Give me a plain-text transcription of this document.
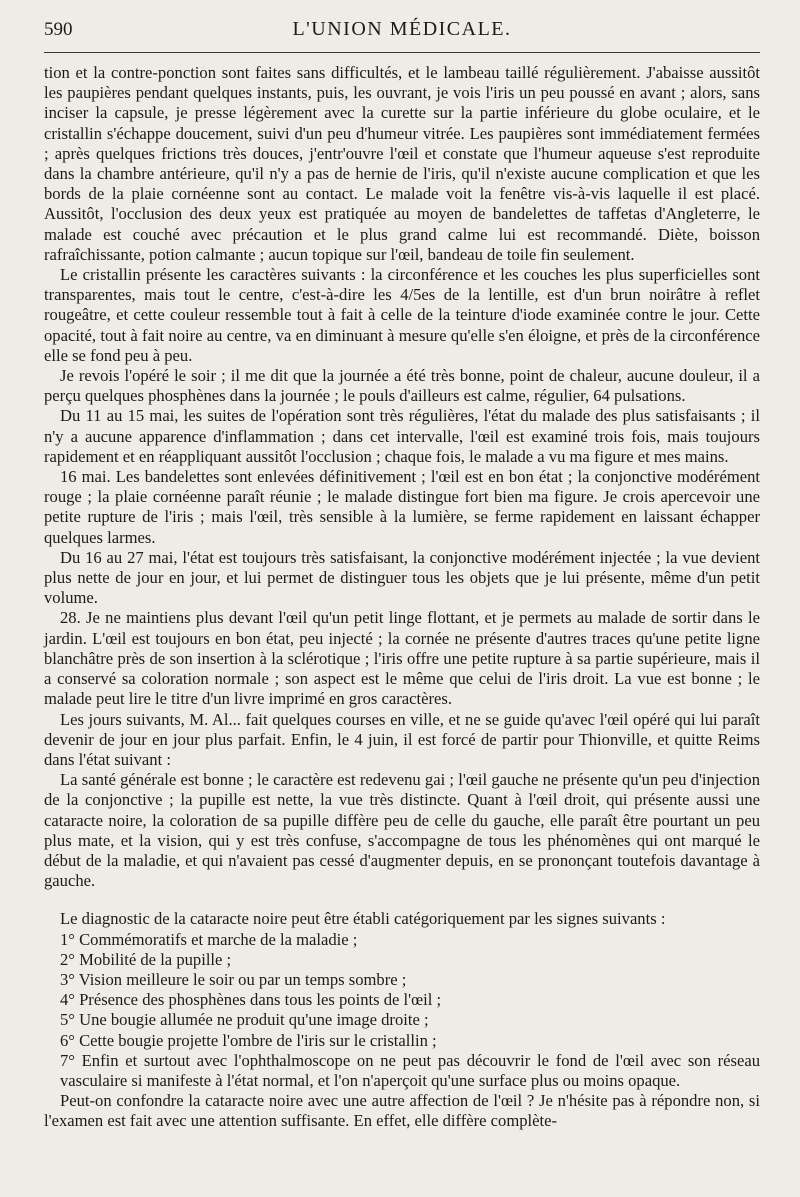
590	L'UNION MÉDICALE.

tion et la contre-ponction sont faites sans difficultés, et le lambeau taillé régulièrement. J'abaisse aussitôt les paupières pendant quelques instants, puis, les ouvrant, je vois l'iris un peu poussé en avant ; alors, sans inciser la capsule, je presse légèrement avec la curette sur la partie inférieure du globe oculaire, et le cristallin s'échappe doucement, suivi d'un peu d'humeur vitrée. Les paupières sont immédiatement fermées ; après quelques frictions très douces, j'entr'ouvre l'œil et constate que l'humeur aqueuse s'est reproduite dans la chambre antérieure, qu'il n'y a pas de hernie de l'iris, qu'il n'existe aucune complication et que les bords de la plaie cornéenne sont au contact. Le malade voit la fenêtre vis-à-vis laquelle il est placé. Aussitôt, l'occlusion des deux yeux est pratiquée au moyen de bandelettes de taffetas d'Angleterre, le malade est couché avec précaution et le plus grand calme lui est recommandé. Diète, boisson rafraîchissante, potion calmante ; aucun topique sur l'œil, bandeau de toile fin seulement.

Le cristallin présente les caractères suivants : la circonférence et les couches les plus superficielles sont transparentes, mais tout le centre, c'est-à-dire les 4/5es de la lentille, est d'un brun noirâtre à reflet rougeâtre, et cette couleur ressemble tout à fait à celle de la teinture d'iode examinée contre le jour. Cette opacité, tout à fait noire au centre, va en diminuant à mesure qu'elle s'en éloigne, et près de la circonférence elle se fond peu à peu.

Je revois l'opéré le soir ; il me dit que la journée a été très bonne, point de chaleur, aucune douleur, il a perçu quelques phosphènes dans la journée ; le pouls d'ailleurs est calme, régulier, 64 pulsations.

Du 11 au 15 mai, les suites de l'opération sont très régulières, l'état du malade des plus satisfaisants ; il n'y a aucune apparence d'inflammation ; dans cet intervalle, l'œil est examiné trois fois, mais toujours rapidement et en réappliquant aussitôt l'occlusion ; chaque fois, le malade a vu ma figure et mes mains.

16 mai. Les bandelettes sont enlevées définitivement ; l'œil est en bon état ; la conjonctive modérément rouge ; la plaie cornéenne paraît réunie ; le malade distingue fort bien ma figure. Je crois apercevoir une petite rupture de l'iris ; mais l'œil, très sensible à la lumière, se ferme rapidement en laissant échapper quelques larmes.

Du 16 au 27 mai, l'état est toujours très satisfaisant, la conjonctive modérément injectée ; la vue devient plus nette de jour en jour, et lui permet de distinguer tous les objets que je lui présente, même d'un petit volume.

28. Je ne maintiens plus devant l'œil qu'un petit linge flottant, et je permets au malade de sortir dans le jardin. L'œil est toujours en bon état, peu injecté ; la cornée ne présente d'autres traces qu'une petite ligne blanchâtre près de son insertion à la sclérotique ; l'iris offre une petite rupture à sa partie supérieure, mais il a conservé sa coloration normale ; son aspect est le même que celui de l'iris droit. La vue est bonne ; le malade peut lire le titre d'un livre imprimé en gros caractères.

Les jours suivants, M. Al... fait quelques courses en ville, et ne se guide qu'avec l'œil opéré qui lui paraît devenir de jour en jour plus parfait. Enfin, le 4 juin, il est forcé de partir pour Thionville, et quitte Reims dans l'état suivant :

La santé générale est bonne ; le caractère est redevenu gai ; l'œil gauche ne présente qu'un peu d'injection de la conjonctive ; la pupille est nette, la vue très distincte. Quant à l'œil droit, qui présente aussi une cataracte noire, la coloration de sa pupille diffère peu de celle du gauche, elle paraît être pourtant un peu plus mate, et la vision, qui y est très confuse, s'accompagne de tous les phénomènes qui ont marqué le début de la maladie, et qui n'avaient pas cessé d'augmenter depuis, en se prononçant toutefois davantage à gauche.

Le diagnostic de la cataracte noire peut être établi catégoriquement par les signes suivants :

1° Commémoratifs et marche de la maladie ;
2° Mobilité de la pupille ;
3° Vision meilleure le soir ou par un temps sombre ;
4° Présence des phosphènes dans tous les points de l'œil ;
5° Une bougie allumée ne produit qu'une image droite ;
6° Cette bougie projette l'ombre de l'iris sur le cristallin ;
7° Enfin et surtout avec l'ophthalmoscope on ne peut pas découvrir le fond de l'œil avec son réseau vasculaire si manifeste à l'état normal, et l'on n'aperçoit qu'une surface plus ou moins opaque.

Peut-on confondre la cataracte noire avec une autre affection de l'œil ? Je n'hésite pas à répondre non, si l'examen est fait avec une attention suffisante. En effet, elle diffère complète-
